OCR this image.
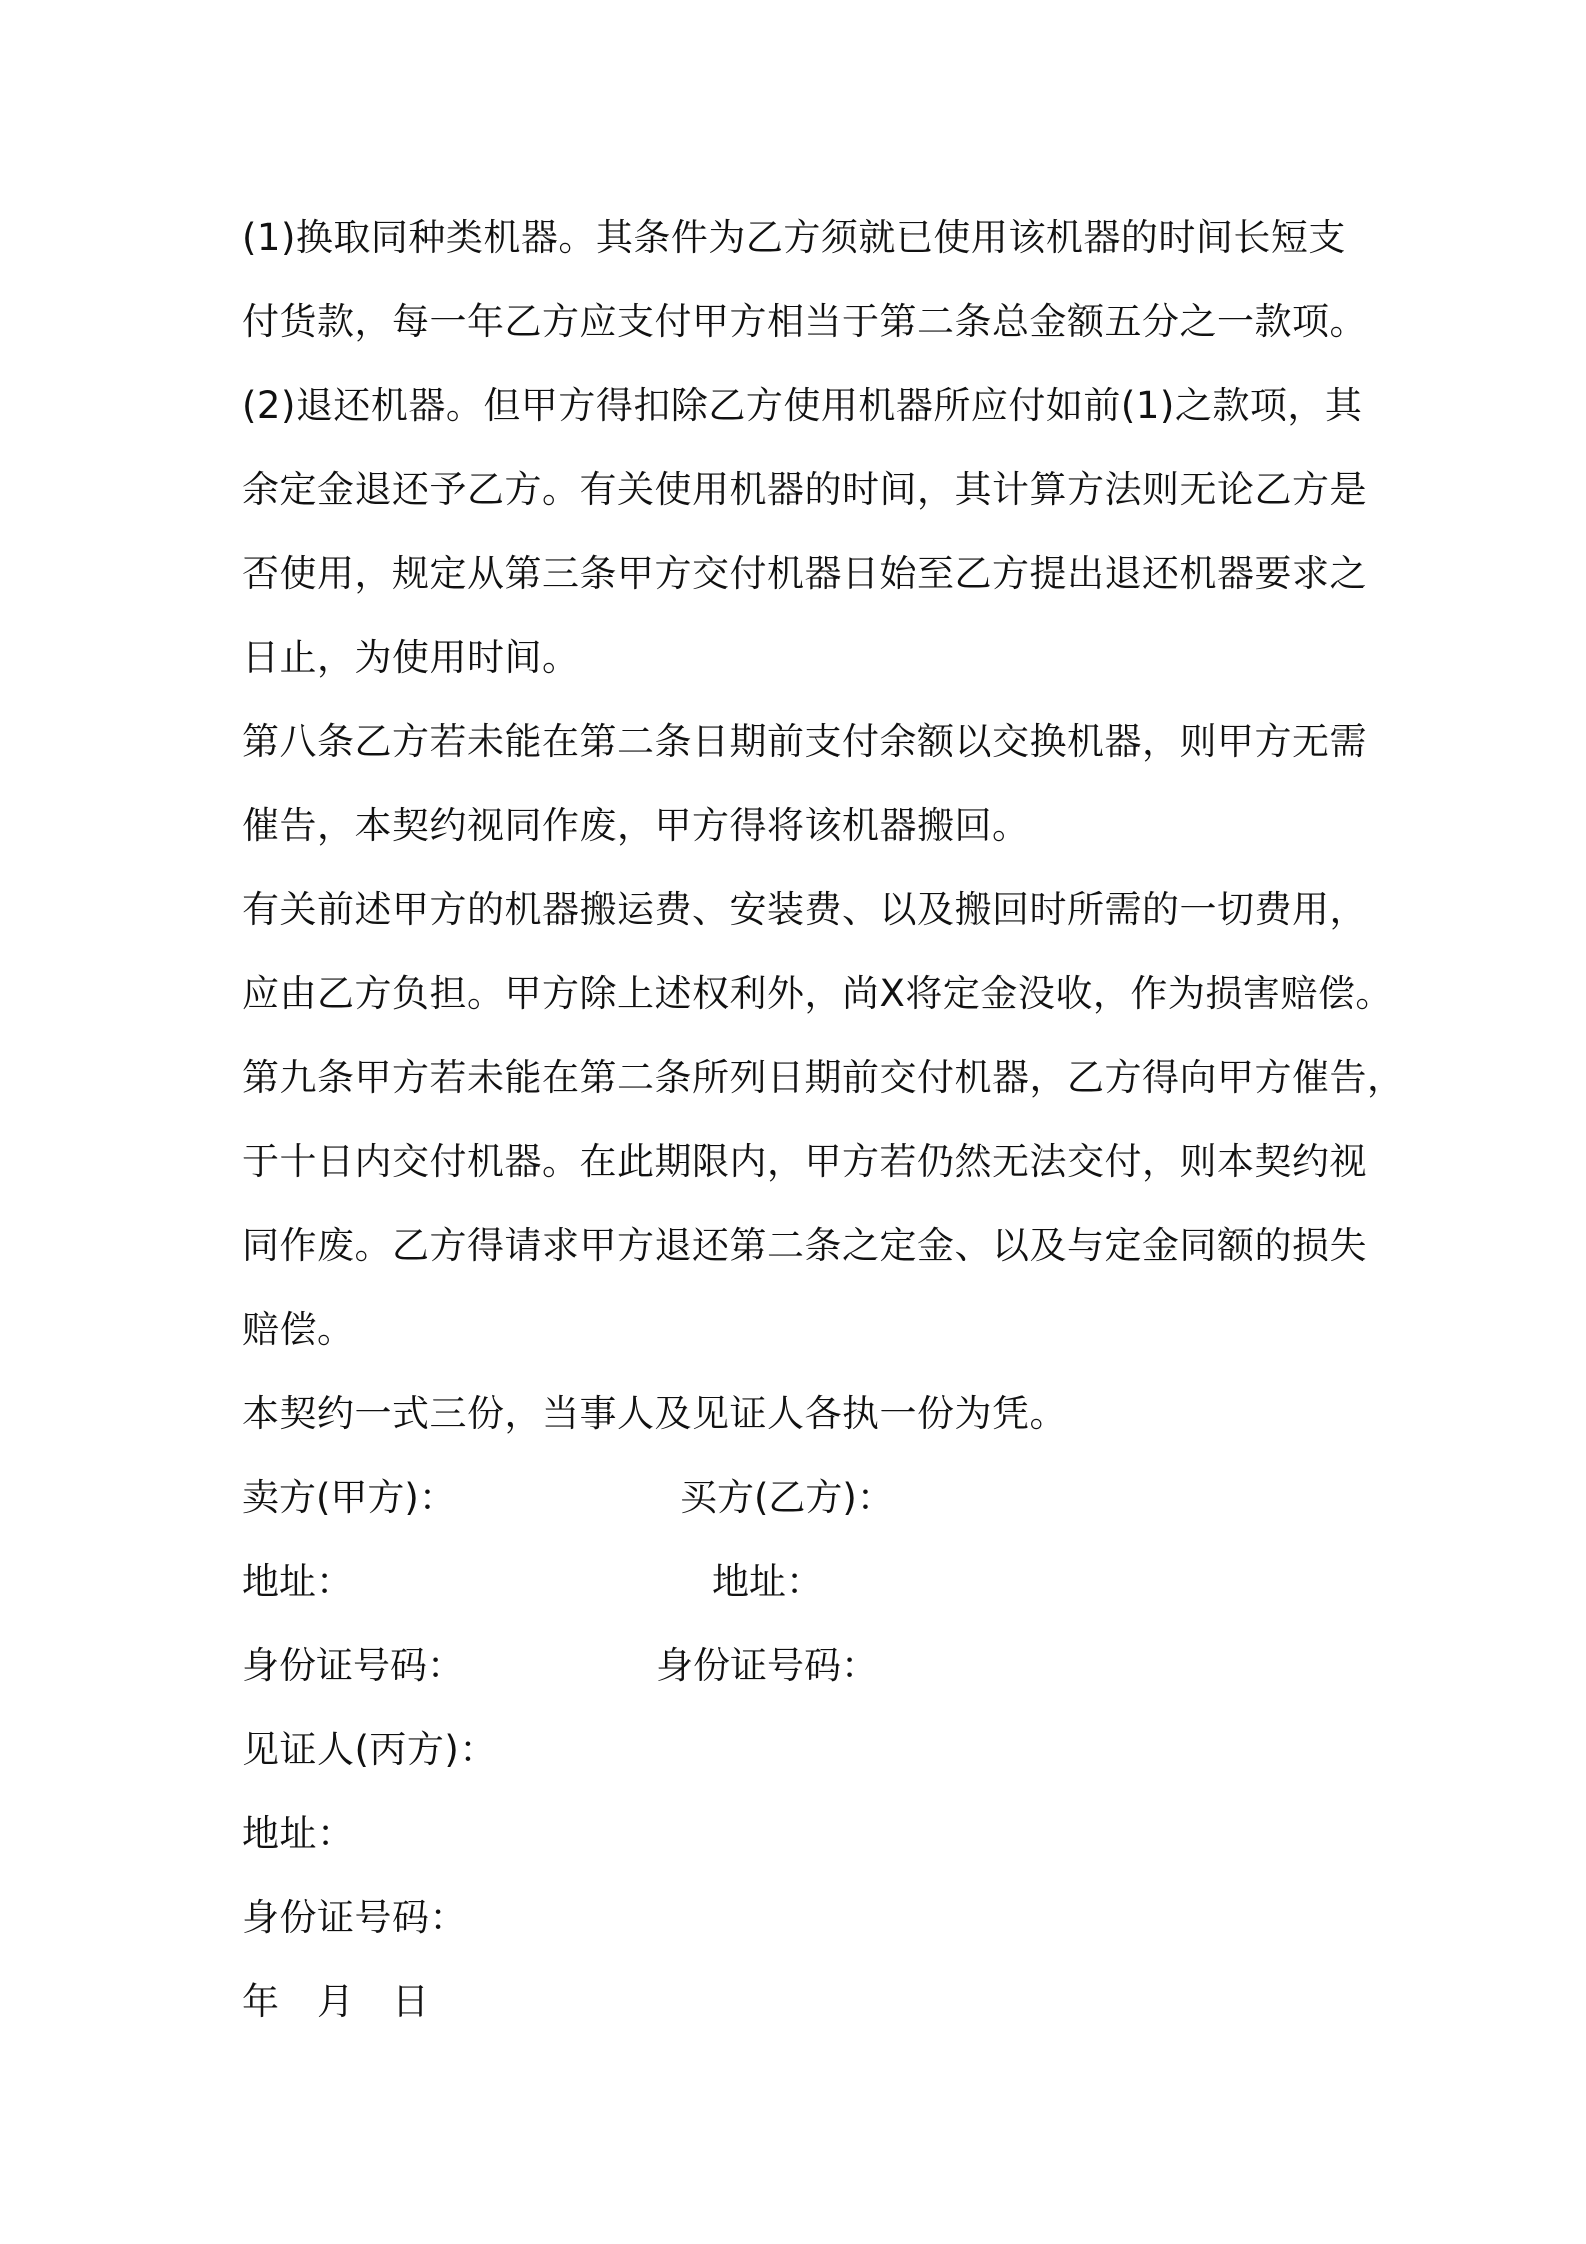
(1)换取同种类机器。其条件为乙方须就已使用该机器的时间长短支
付货款，每一年乙方应支付甲方相当于第二条总金额五分之一款项。
(2)退还机器。但甲方得扣除乙方使用机器所应付如前(1)之款项，其
余定金退还予乙方。有关使用机器的时间，其计算方法则无论乙方是
否使用，规定从第三条甲方交付机器日始至乙方提出退还机器要求之
日止，为使用时间。
第八条乙方若未能在第二条日期前支付余额以交换机器，则甲方无需
催告，本契约视同作废，甲方得将该机器搬回。
有关前述甲方的机器搬运费、安装费、以及搬回时所需的一切费用，
应由乙方负担。甲方除上述权利外，尚X将定金没收，作为损害赔偿。
第九条甲方若未能在第二条所列日期前交付机器，乙方得向甲方催告，
于十日内交付机器。在此期限内，甲方若仍然无法交付，则本契约视
同作废。乙方得请求甲方退还第二条之定金、以及与定金同额的损失
赔偿。
本契约一式三份，当事人及见证人各执一份为凭。
卖方(甲方)：	买方(乙方)：
地址：	地址：
身份证号码：	身份证号码：
见证人(丙方)：
地址：
身份证号码：
年 月 日
